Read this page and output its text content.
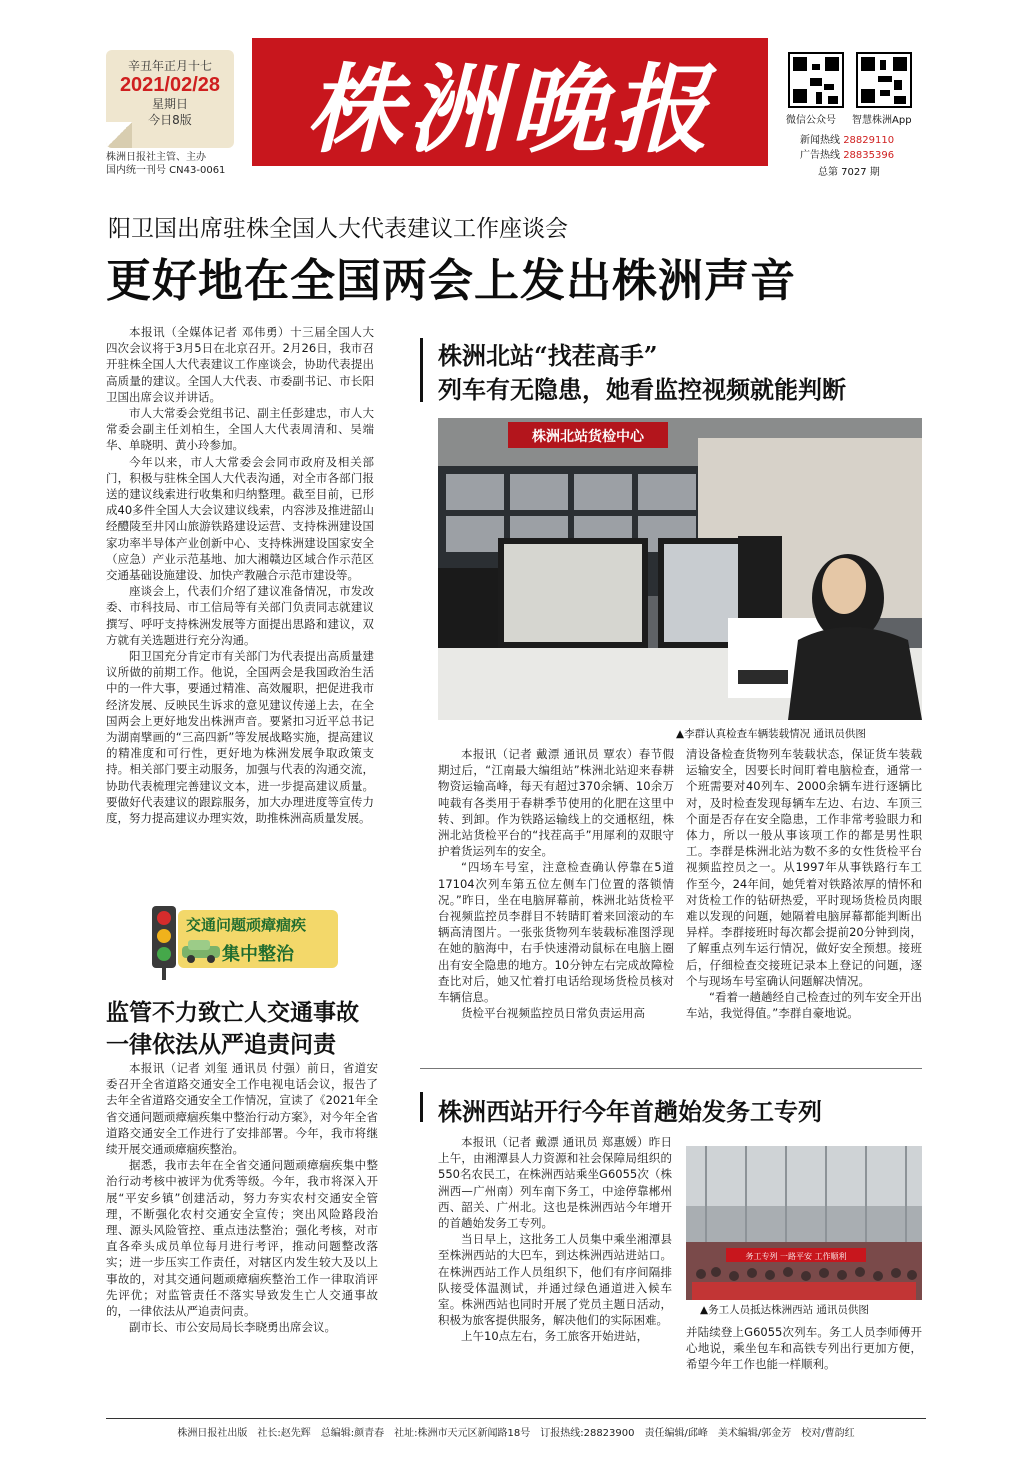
辛丑年正月十七
2021/02/28
星期日
今日8版
株洲日报社主管、主办
国内统一刊号 CN43-0061
株洲晚报	微信公众号 智慧株洲App
新闻热线 28829110
广告热线 28835396
总第 7027 期
阳卫国出席驻株全国人大代表建议工作座谈会
更好地在全国两会上发出株洲声音

本报讯（全媒体记者 邓伟勇）十三届全国人大四次会议将于3月5日在北京召开。2月26日，我市召开驻株全国人大代表建议工作座谈会，协助代表提出高质量的建议。全国人大代表、市委副书记、市长阳卫国出席会议并讲话。

市人大常委会党组书记、副主任彭建忠，市人大常委会副主任刘柏生，全国人大代表周清和、吴端华、单晓明、黄小玲参加。

今年以来，市人大常委会会同市政府及相关部门，积极与驻株全国人大代表沟通，对全市各部门报送的建议线索进行收集和归纳整理。截至目前，已形成40多件全国人大会议建议线索，内容涉及推进韶山经醴陵至井冈山旅游铁路建设运营、支持株洲建设国家功率半导体产业创新中心、支持株洲建设国家安全（应急）产业示范基地、加大湘赣边区域合作示范区交通基础设施建设、加快产教融合示范市建设等。

座谈会上，代表们介绍了建议准备情况，市发改委、市科技局、市工信局等有关部门负责同志就建议撰写、呼吁支持株洲发展等方面提出思路和建议，双方就有关选题进行充分沟通。

阳卫国充分肯定市有关部门为代表提出高质量建议所做的前期工作。他说，全国两会是我国政治生活中的一件大事，要通过精准、高效履职，把促进我市经济发展、反映民生诉求的意见建议传递上去，在全国两会上更好地发出株洲声音。要紧扣习近平总书记为湖南擘画的“三高四新”等发展战略实施，提高建议的精准度和可行性，更好地为株洲发展争取政策支持。相关部门要主动服务，加强与代表的沟通交流，协助代表梳理完善建议文本，进一步提高建议质量。要做好代表建议的跟踪服务，加大办理进度等宣传力度，努力提高建议办理实效，助推株洲高质量发展。

株洲北站“找茬高手”
列车有无隐患，她看监控视频就能判断
株洲北站货检中心
▲李群认真检查车辆装载情况 通讯员供图

本报讯（记者 戴漂 通讯员 覃农）春节假期过后，“江南最大编组站”株洲北站迎来春耕物资运输高峰，每天有超过370余辆、10余万吨载有各类用于春耕季节使用的化肥在这里中转、到卸。作为铁路运输线上的交通枢纽，株洲北站货检平台的“找茬高手”用犀利的双眼守护着货运列车的安全。

“四场车号室，注意检查确认停靠在5道17104次列车第五位左侧车门位置的落锁情况。”昨日，坐在电脑屏幕前，株洲北站货检平台视频监控员李群目不转睛盯着来回滚动的车辆高清图片。一张张货物列车装载标准图浮现在她的脑海中，右手快速滑动鼠标在电脑上圈出有安全隐患的地方。10分钟左右完成故障检查比对后，她又忙着打电话给现场货检员核对车辆信息。

货检平台视频监控员日常负责运用高

清设备检查货物列车装载状态，保证货车装载运输安全，因要长时间盯着电脑检查，通常一个班需要对40列车、2000余辆车进行逐辆比对，及时检查发现每辆车左边、右边、车顶三个面是否存在安全隐患，工作非常考验眼力和体力，所以一般从事该项工作的都是男性职工。李群是株洲北站为数不多的女性货检平台视频监控员之一。从1997年从事铁路行车工作至今，24年间，她凭着对铁路浓厚的情怀和对货检工作的钻研热爱，平时现场货检员肉眼难以发现的问题，她隔着电脑屏幕都能判断出异样。李群接班时每次都会提前20分钟到岗，了解重点列车运行情况，做好安全预想。接班后，仔细检查交接班记录本上登记的问题，逐个与现场车号室确认问题解决情况。

“看着一趟趟经自己检查过的列车安全开出车站，我觉得值。”李群自豪地说。

交通问题顽瘴痼疾
集中整治
监管不力致亡人交通事故
一律依法从严追责问责

本报讯（记者 刘玺 通讯员 付强）前日，省道安委召开全省道路交通安全工作电视电话会议，报告了去年全省道路交通安全工作情况，宣读了《2021年全省交通问题顽瘴痼疾集中整治行动方案》，对今年全省道路交通安全工作进行了安排部署。今年，我市将继续开展交通顽瘴痼疾整治。

据悉，我市去年在全省交通问题顽瘴痼疾集中整治行动考核中被评为优秀等级。今年，我市将深入开展“平安乡镇”创建活动，努力夯实农村交通安全管理，不断强化农村交通安全宣传；突出风险路段治理、源头风险管控、重点违法整治；强化考核，对市直各牵头成员单位每月进行考评，推动问题整改落实；进一步压实工作责任，对辖区内发生较大及以上事故的，对其交通问题顽瘴痼疾整治工作一律取消评先评优；对监管责任不落实导致发生亡人交通事故的，一律依法从严追责问责。

副市长、市公安局局长李晓勇出席会议。

株洲西站开行今年首趟始发务工专列

本报讯（记者 戴漂 通讯员 郑惠媛）昨日上午，由湘潭县人力资源和社会保障局组织的550名农民工，在株洲西站乘坐G6055次（株洲西—广州南）列车南下务工，中途停靠郴州西、韶关、广州北。这也是株洲西站今年增开的首趟始发务工专列。

当日早上，这批务工人员集中乘坐湘潭县至株洲西站的大巴车，到达株洲西站进站口。在株洲西站工作人员组织下，他们有序间隔排队接受体温测试，并通过绿色通道进入候车室。株洲西站也同时开展了党员主题日活动，积极为旅客提供服务，解决他们的实际困难。

上午10点左右，务工旅客开始进站，

务工专列 一路平安 工作顺利
▲务工人员抵达株洲西站 通讯员供图

并陆续登上G6055次列车。务工人员李师傅开心地说，乘坐包车和高铁专列出行更加方便，希望今年工作也能一样顺利。

株洲日报社出版　社长:赵先辉　总编辑:颜青春　社址:株洲市天元区新闻路18号　订报热线:28823900　责任编辑/邱峰　美术编辑/郭金芳　校对/曹韵红
